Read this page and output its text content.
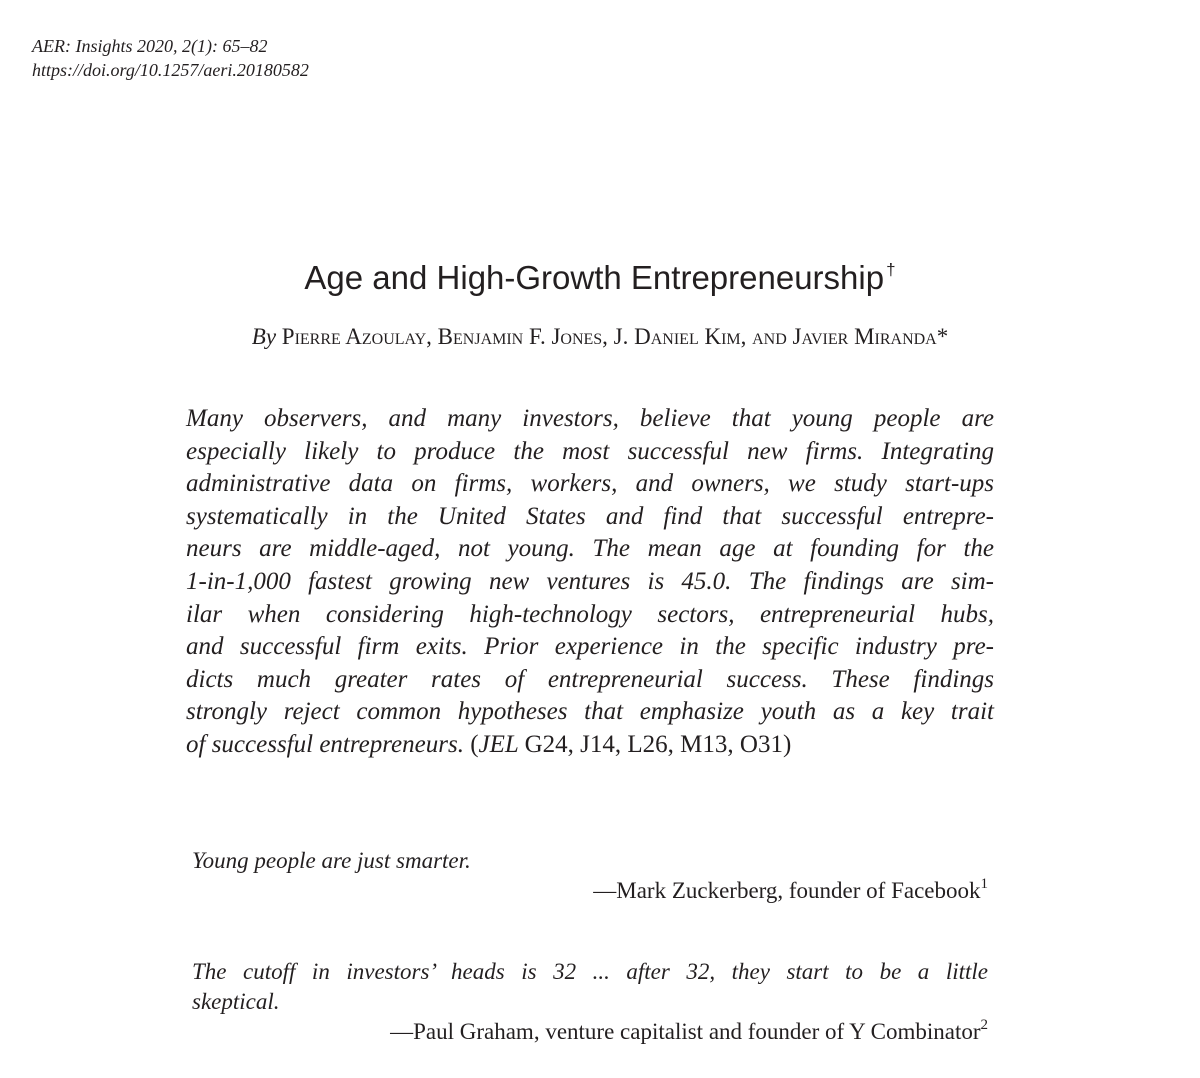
AER: Insights 2020, 2(1): 65–82
https://doi.org/10.1257/aeri.20180582
Age and High-Growth Entrepreneurship †
By Pierre Azoulay, Benjamin F. Jones, J. Daniel Kim, and Javier Miranda*
Many observers, and many investors, believe that young people are
especially likely to produce the most successful new firms. Integrating
administrative data on firms, workers, and owners, we study start-ups
systematically in the United States and find that successful entrepre-
neurs are middle-aged, not young. The mean age at founding for the
1-in-1,000 fastest growing new ventures is 45.0. The findings are sim-
ilar when considering high-technology sectors, entrepreneurial hubs,
and successful firm exits. Prior experience in the specific industry pre-
dicts much greater rates of entrepreneurial success. These findings
strongly reject common hypotheses that emphasize youth as a key trait
of successful entrepreneurs. (JEL G24, J14, L26, M13, O31)
Young people are just smarter.
—Mark Zuckerberg, founder of Facebook$^1$
The cutoff in investors’ heads is 32 ... after 32, they start to be a little
skeptical.
—Paul Graham, venture capitalist and founder of Y Combinator$^2$
